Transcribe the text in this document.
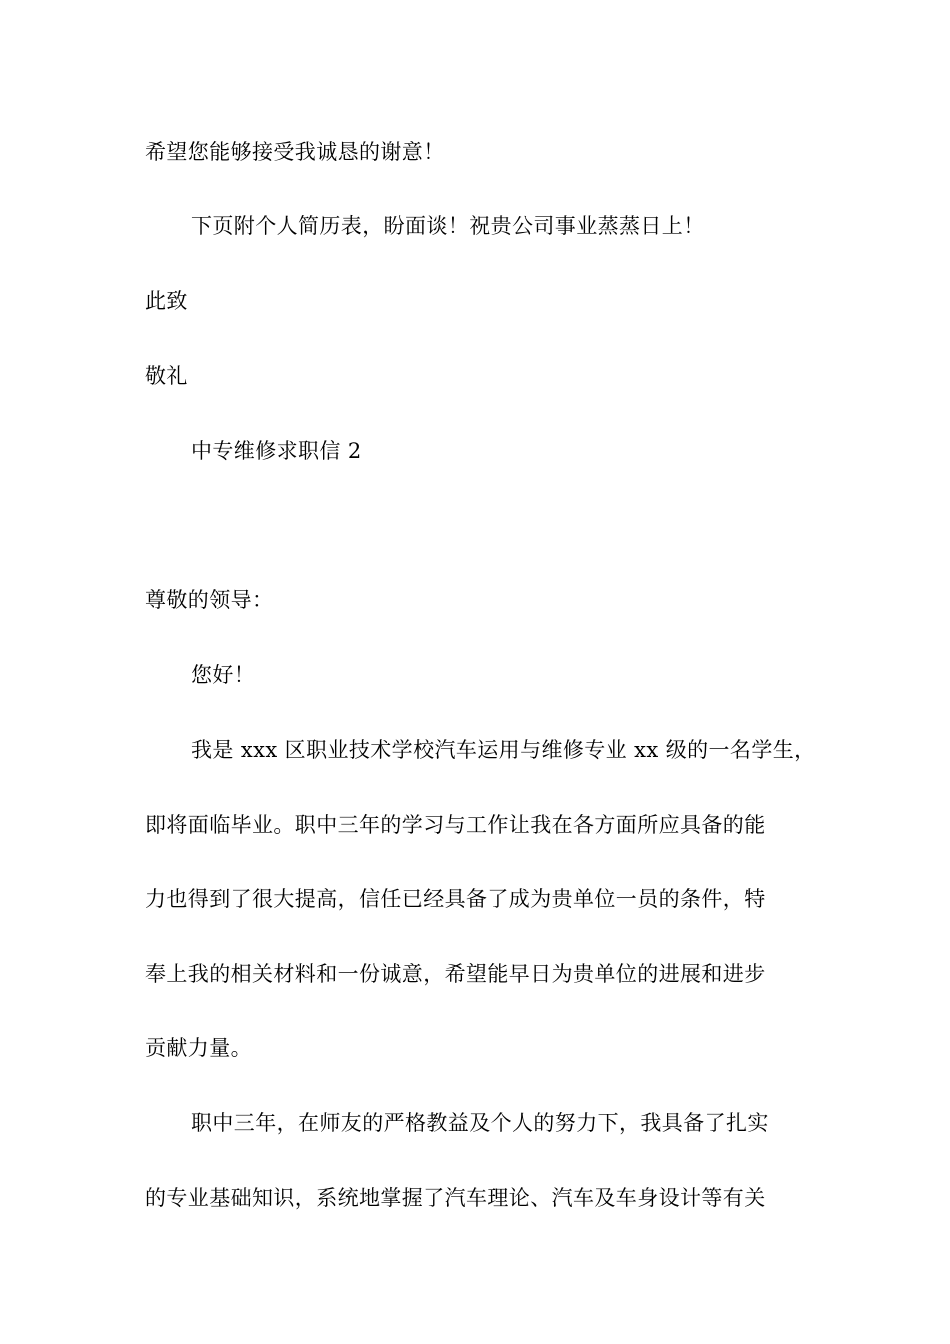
希望您能够接受我诚恳的谢意！
下页附个人简历表，盼面谈！祝贵公司事业蒸蒸日上！
此致
敬礼
中专维修求职信 2
尊敬的领导：
您好！
我是 xxx 区职业技术学校汽车运用与维修专业 xx 级的一名学生，
即将面临毕业。职中三年的学习与工作让我在各方面所应具备的能
力也得到了很大提高，信任已经具备了成为贵单位一员的条件，特
奉上我的相关材料和一份诚意，希望能早日为贵单位的进展和进步
贡献力量。
职中三年，在师友的严格教益及个人的努力下，我具备了扎实
的专业基础知识，系统地掌握了汽车理论、汽车及车身设计等有关
